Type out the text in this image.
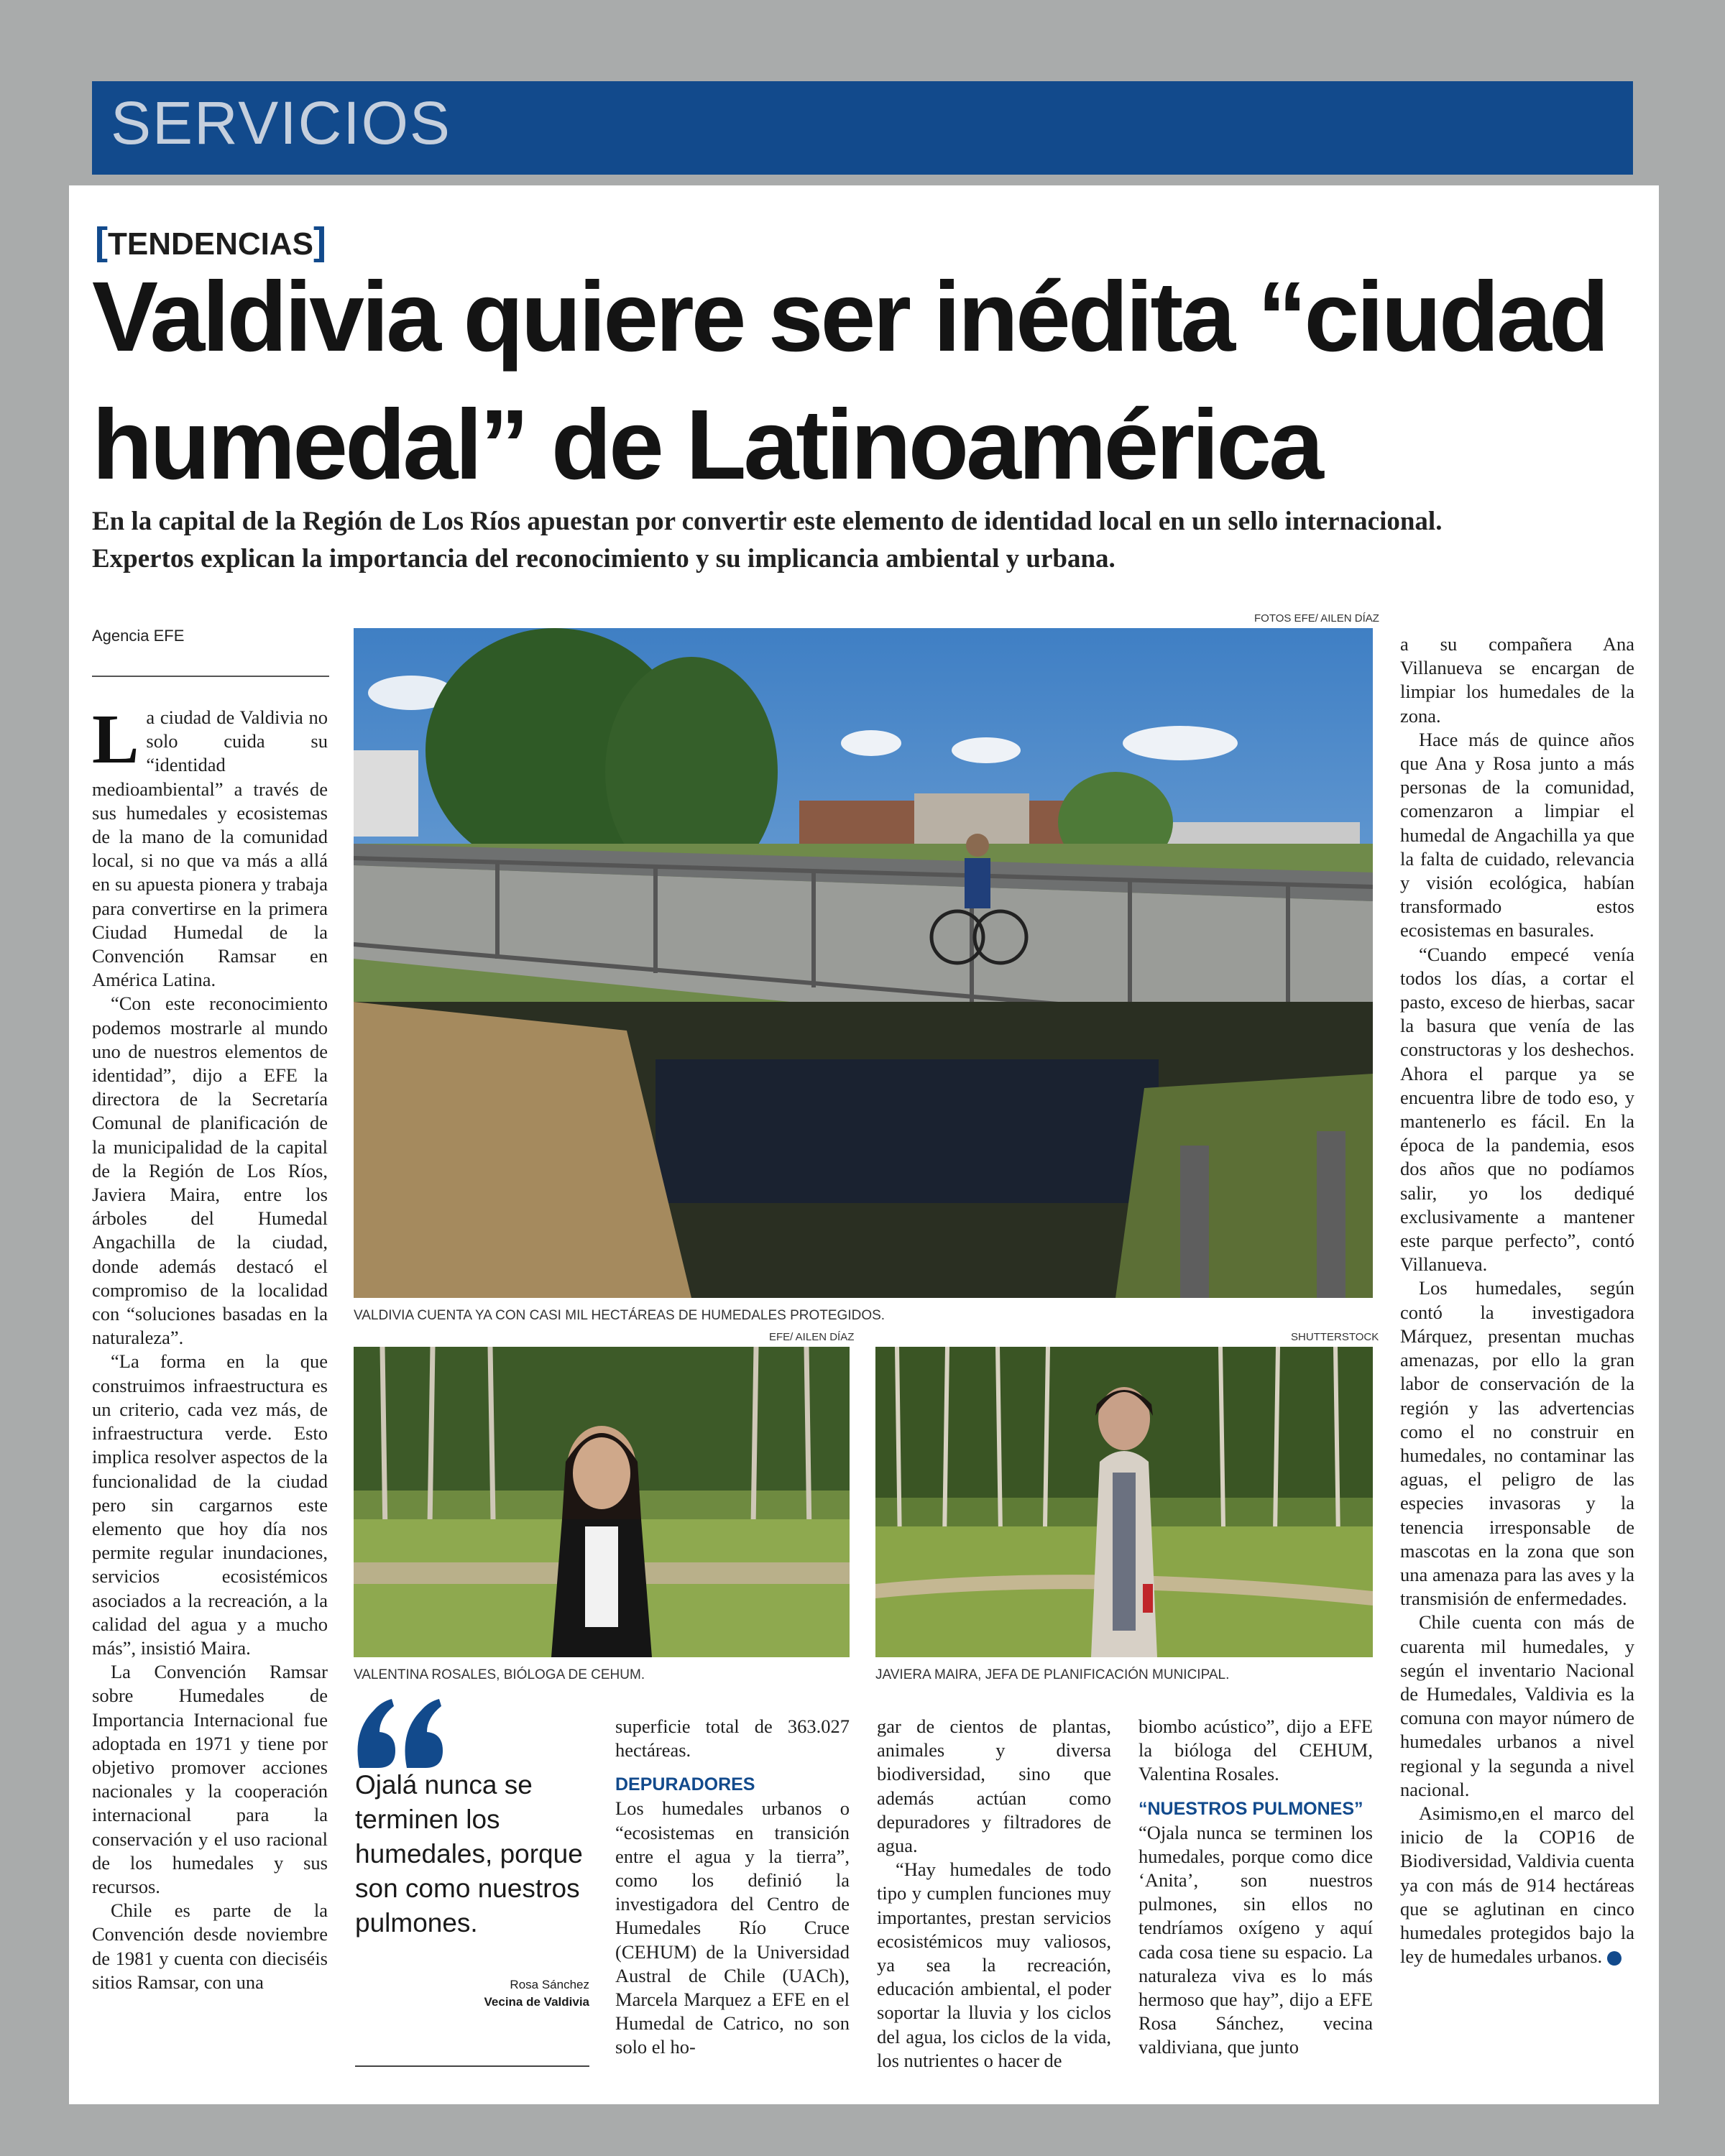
SERVICIOS
[TENDENCIAS]
Valdivia quiere ser inédita “ciudad
humedal” de Latinoamérica
En la capital de la Región de Los Ríos apuestan por convertir este elemento de identidad local en un sello internacional.
Expertos explican la importancia del reconocimiento y su implicancia ambiental y urbana.
Agencia EFE

La ciudad de Valdivia no solo cuida su “identidad medioambiental” a través de sus humedales y ecosistemas de la mano de la comunidad local, si no que va más a allá en su apuesta pionera y trabaja para convertirse en la primera Ciudad Humedal de la Convención Ramsar en América Latina.

“Con este reconocimiento podemos mostrarle al mundo uno de nuestros elementos de identidad”, dijo a EFE la directora de la Secretaría Comunal de planificación de la municipalidad de la capital de la Región de Los Ríos, Javiera Maira, entre los árboles del Humedal Angachilla de la ciudad, donde además destacó el compromiso de la localidad con “soluciones basadas en la naturaleza”.

“La forma en la que construimos infraestructura es un criterio, cada vez más, de infraestructura verde. Esto implica resolver aspectos de la funcionalidad de la ciudad pero sin cargarnos este elemento que hoy día nos permite regular inundaciones, servicios ecosistémicos asociados a la recreación, a la calidad del agua y a mucho más”, insistió Maira.

La Convención Ramsar sobre Humedales de Importancia Internacional fue adoptada en 1971 y tiene por objetivo promover acciones nacionales y la cooperación internacional para la conservación y el uso racional de los humedales y sus recursos.

Chile es parte de la Convención desde noviembre de 1981 y cuenta con dieciséis sitios Ramsar, con una

FOTOS EFE/ AILEN DÍAZ
VALDIVIA CUENTA YA CON CASI MIL HECTÁREAS DE HUMEDALES PROTEGIDOS.
EFE/ AILEN DÍAZ
VALENTINA ROSALES, BIÓLOGA DE CEHUM.
SHUTTERSTOCK
JAVIERA MAIRA, JEFA DE PLANIFICACIÓN MUNICIPAL.
Ojalá nunca se terminen los humedales, porque son como nuestros pulmones.
Rosa Sánchez
Vecina de Valdivia

superficie total de 363.027 hectáreas.

DEPURADORES

Los humedales urbanos o “ecosistemas en transición entre el agua y la tierra”, como los definió la investigadora del Centro de Humedales Río Cruce (CEHUM) de la Universidad Austral de Chile (UACh), Marcela Marquez a EFE en el Humedal de Catrico, no son solo el ho-

gar de cientos de plantas, animales y diversa biodiversidad, sino que además actúan como depuradores y filtradores de agua.

“Hay humedales de todo tipo y cumplen funciones muy importantes, prestan servicios ecosistémicos muy valiosos, ya sea la recreación, educación ambiental, el poder soportar la lluvia y los ciclos del agua, los ciclos de la vida, los nutrientes o hacer de

biombo acústico”, dijo a EFE la bióloga del CEHUM, Valentina Rosales.

“NUESTROS PULMONES”

“Ojala nunca se terminen los humedales, porque como dice ‘Anita’, son nuestros pulmones, sin ellos no tendríamos oxígeno y aquí cada cosa tiene su espacio. La naturaleza viva es lo más hermoso que hay”, dijo a EFE Rosa Sánchez, vecina valdiviana, que junto

a su compañera Ana Villanueva se encargan de limpiar los humedales de la zona.

Hace más de quince años que Ana y Rosa junto a más personas de la comunidad, comenzaron a limpiar el humedal de Angachilla ya que la falta de cuidado, relevancia y visión ecológica, habían transformado estos ecosistemas en basurales.

“Cuando empecé venía todos los días, a cortar el pasto, exceso de hierbas, sacar la basura que venía de las constructoras y los deshechos. Ahora el parque ya se encuentra libre de todo eso, y mantenerlo es fácil. En la época de la pandemia, esos dos años que no podíamos salir, yo los dediqué exclusivamente a mantener este parque perfecto”, contó Villanueva.

Los humedales, según contó la investigadora Márquez, presentan muchas amenazas, por ello la gran labor de conservación de la región y las advertencias como el no construir en humedales, no contaminar las aguas, el peligro de las especies invasoras y la tenencia irresponsable de mascotas en la zona que son una amenaza para las aves y la transmisión de enfermedades.

Chile cuenta con más de cuarenta mil humedales, y según el inventario Nacional de Humedales, Valdivia es la comuna con mayor número de humedales urbanos a nivel regional y la segunda a nivel nacional.

Asimismo,en el marco del inicio de la COP16 de Biodiversidad, Valdivia cuenta ya con más de 914 hectáreas que se aglutinan en cinco humedales protegidos bajo la ley de humedales urbanos.
